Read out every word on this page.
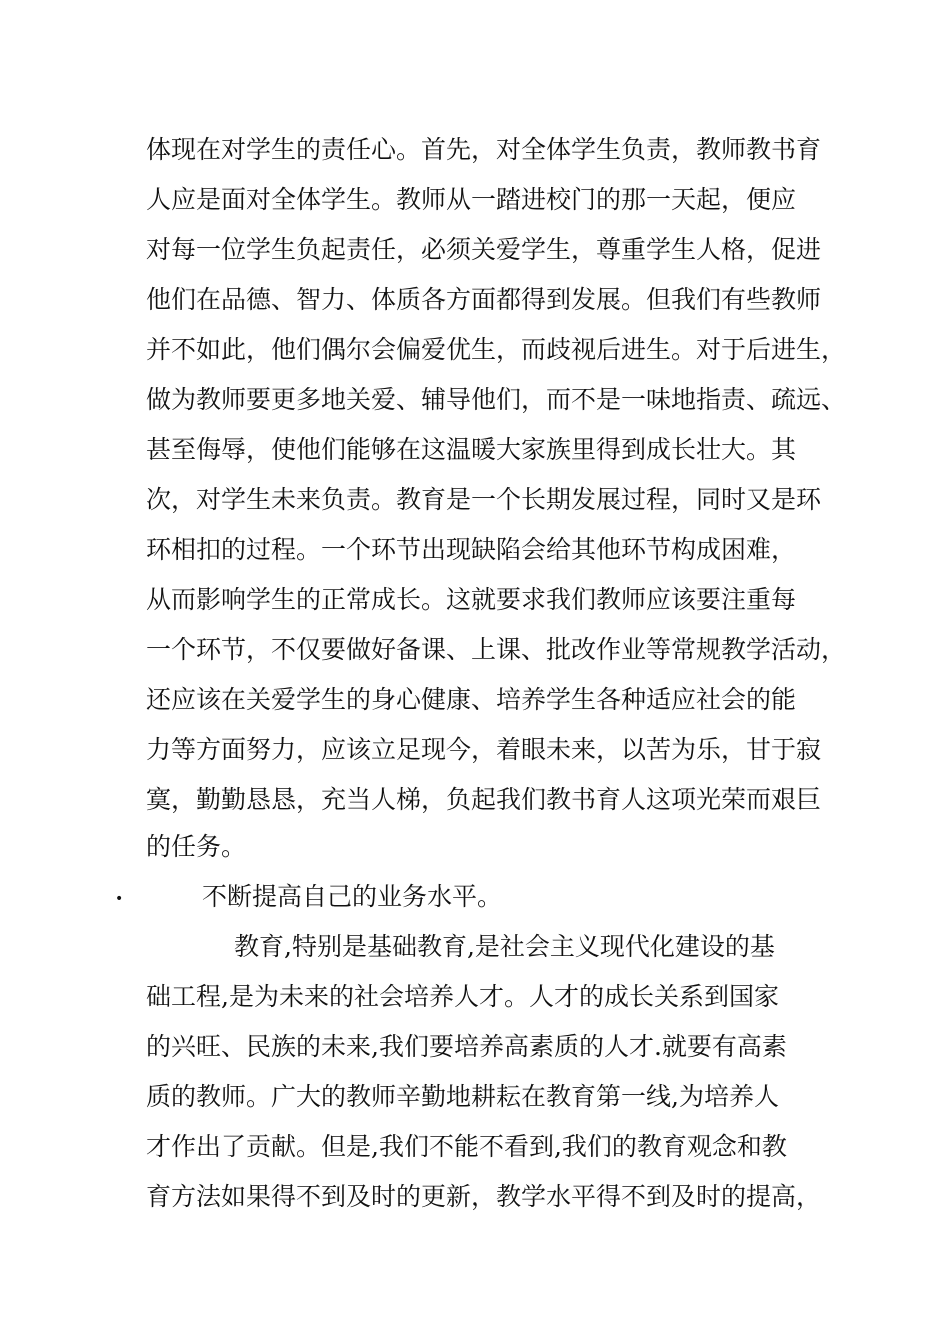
体现在对学生的责任心。首先，对全体学生负责，教师教书育
人应是面对全体学生。教师从一踏进校门的那一天起，便应
对每一位学生负起责任，必须关爱学生，尊重学生人格，促进
他们在品德、智力、体质各方面都得到发展。但我们有些教师
并不如此，他们偶尔会偏爱优生，而歧视后进生。对于后进生，
做为教师要更多地关爱、辅导他们，而不是一味地指责、疏远、
甚至侮辱，使他们能够在这温暖大家族里得到成长壮大。其
次，对学生未来负责。教育是一个长期发展过程，同时又是环
环相扣的过程。一个环节出现缺陷会给其他环节构成困难，
从而影响学生的正常成长。这就要求我们教师应该要注重每
一个环节，不仅要做好备课、上课、批改作业等常规教学活动，
还应该在关爱学生的身心健康、培养学生各种适应社会的能
力等方面努力，应该立足现今，着眼未来，以苦为乐，甘于寂
寞，勤勤恳恳，充当人梯，负起我们教书育人这项光荣而艰巨
的任务。
•	不断提高自己的业务水平。
教育,特别是基础教育,是社会主义现代化建设的基
础工程,是为未来的社会培养人才。人才的成长关系到国家
的兴旺、民族的未来,我们要培养高素质的人才.就要有高素
质的教师。广大的教师辛勤地耕耘在教育第一线,为培养人
才作出了贡献。但是,我们不能不看到,我们的教育观念和教
育方法如果得不到及时的更新，教学水平得不到及时的提高，
